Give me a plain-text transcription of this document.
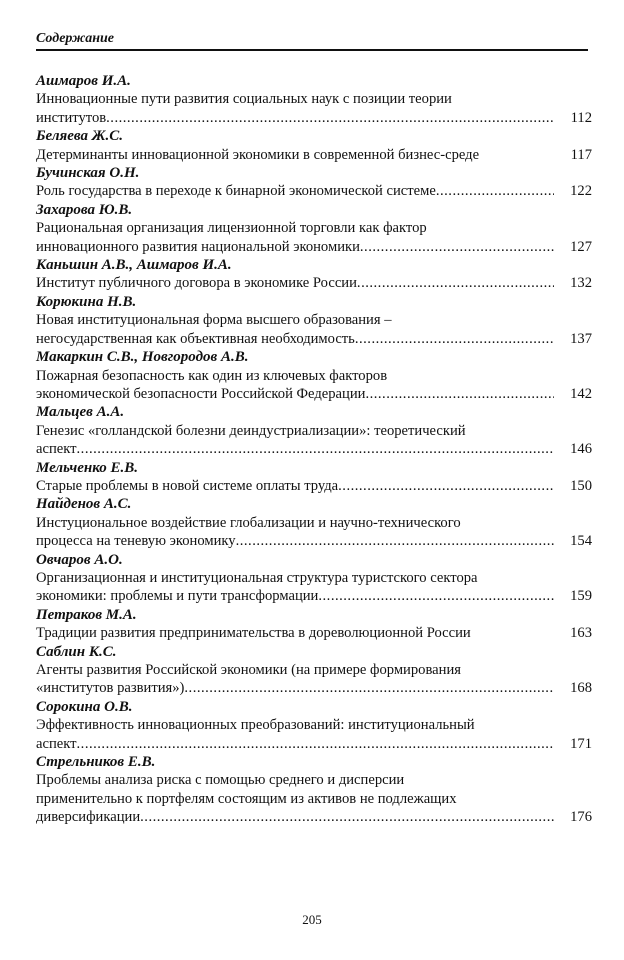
Содержание
Ашмаров И.А.
Инновационные пути развития социальных наук с позиции теории
институтов .....	112
Беляева Ж.С.
Детерминанты инновационной экономики в современной бизнес-среде	117
Бучинская О.Н.
Роль государства в переходе к бинарной экономической системе .....	122
Захарова Ю.В.
Рациональная организация лицензионной торговли как фактор
инновационного развития национальной экономики .....	127
Каньшин А.В., Ашмаров И.А.
Институт публичного договора в экономике России .....	132
Корюкина Н.В.
Новая институциональная форма высшего образования –
негосударственная как объективная необходимость .....	137
Макаркин С.В., Новгородов А.В.
Пожарная безопасность как один из ключевых факторов
экономической безопасности Российской Федерации .....	142
Мальцев А.А.
Генезис «голландской болезни деиндустриализации»: теоретический
аспект .....	146
Мельченко Е.В.
Старые проблемы в новой системе оплаты труда .....	150
Найденов А.С.
Инстуциональное воздействие глобализации и научно-технического
процесса на теневую экономику .....	154
Овчаров А.О.
Организационная и институциональная структура туристского сектора
экономики: проблемы и пути трансформации .....	159
Петраков М.А.
Традиции развития предпринимательства в дореволюционной России	163
Саблин К.С.
Агенты развития Российской экономики (на примере формирования
«институтов развития») .....	168
Сорокина О.В.
Эффективность инновационных преобразований: институциональный
аспект .....	171
Стрельников Е.В.
Проблемы анализа риска с помощью среднего и дисперсии
применительно к портфелям состоящим из активов не подлежащих
диверсификации .....	176
205
